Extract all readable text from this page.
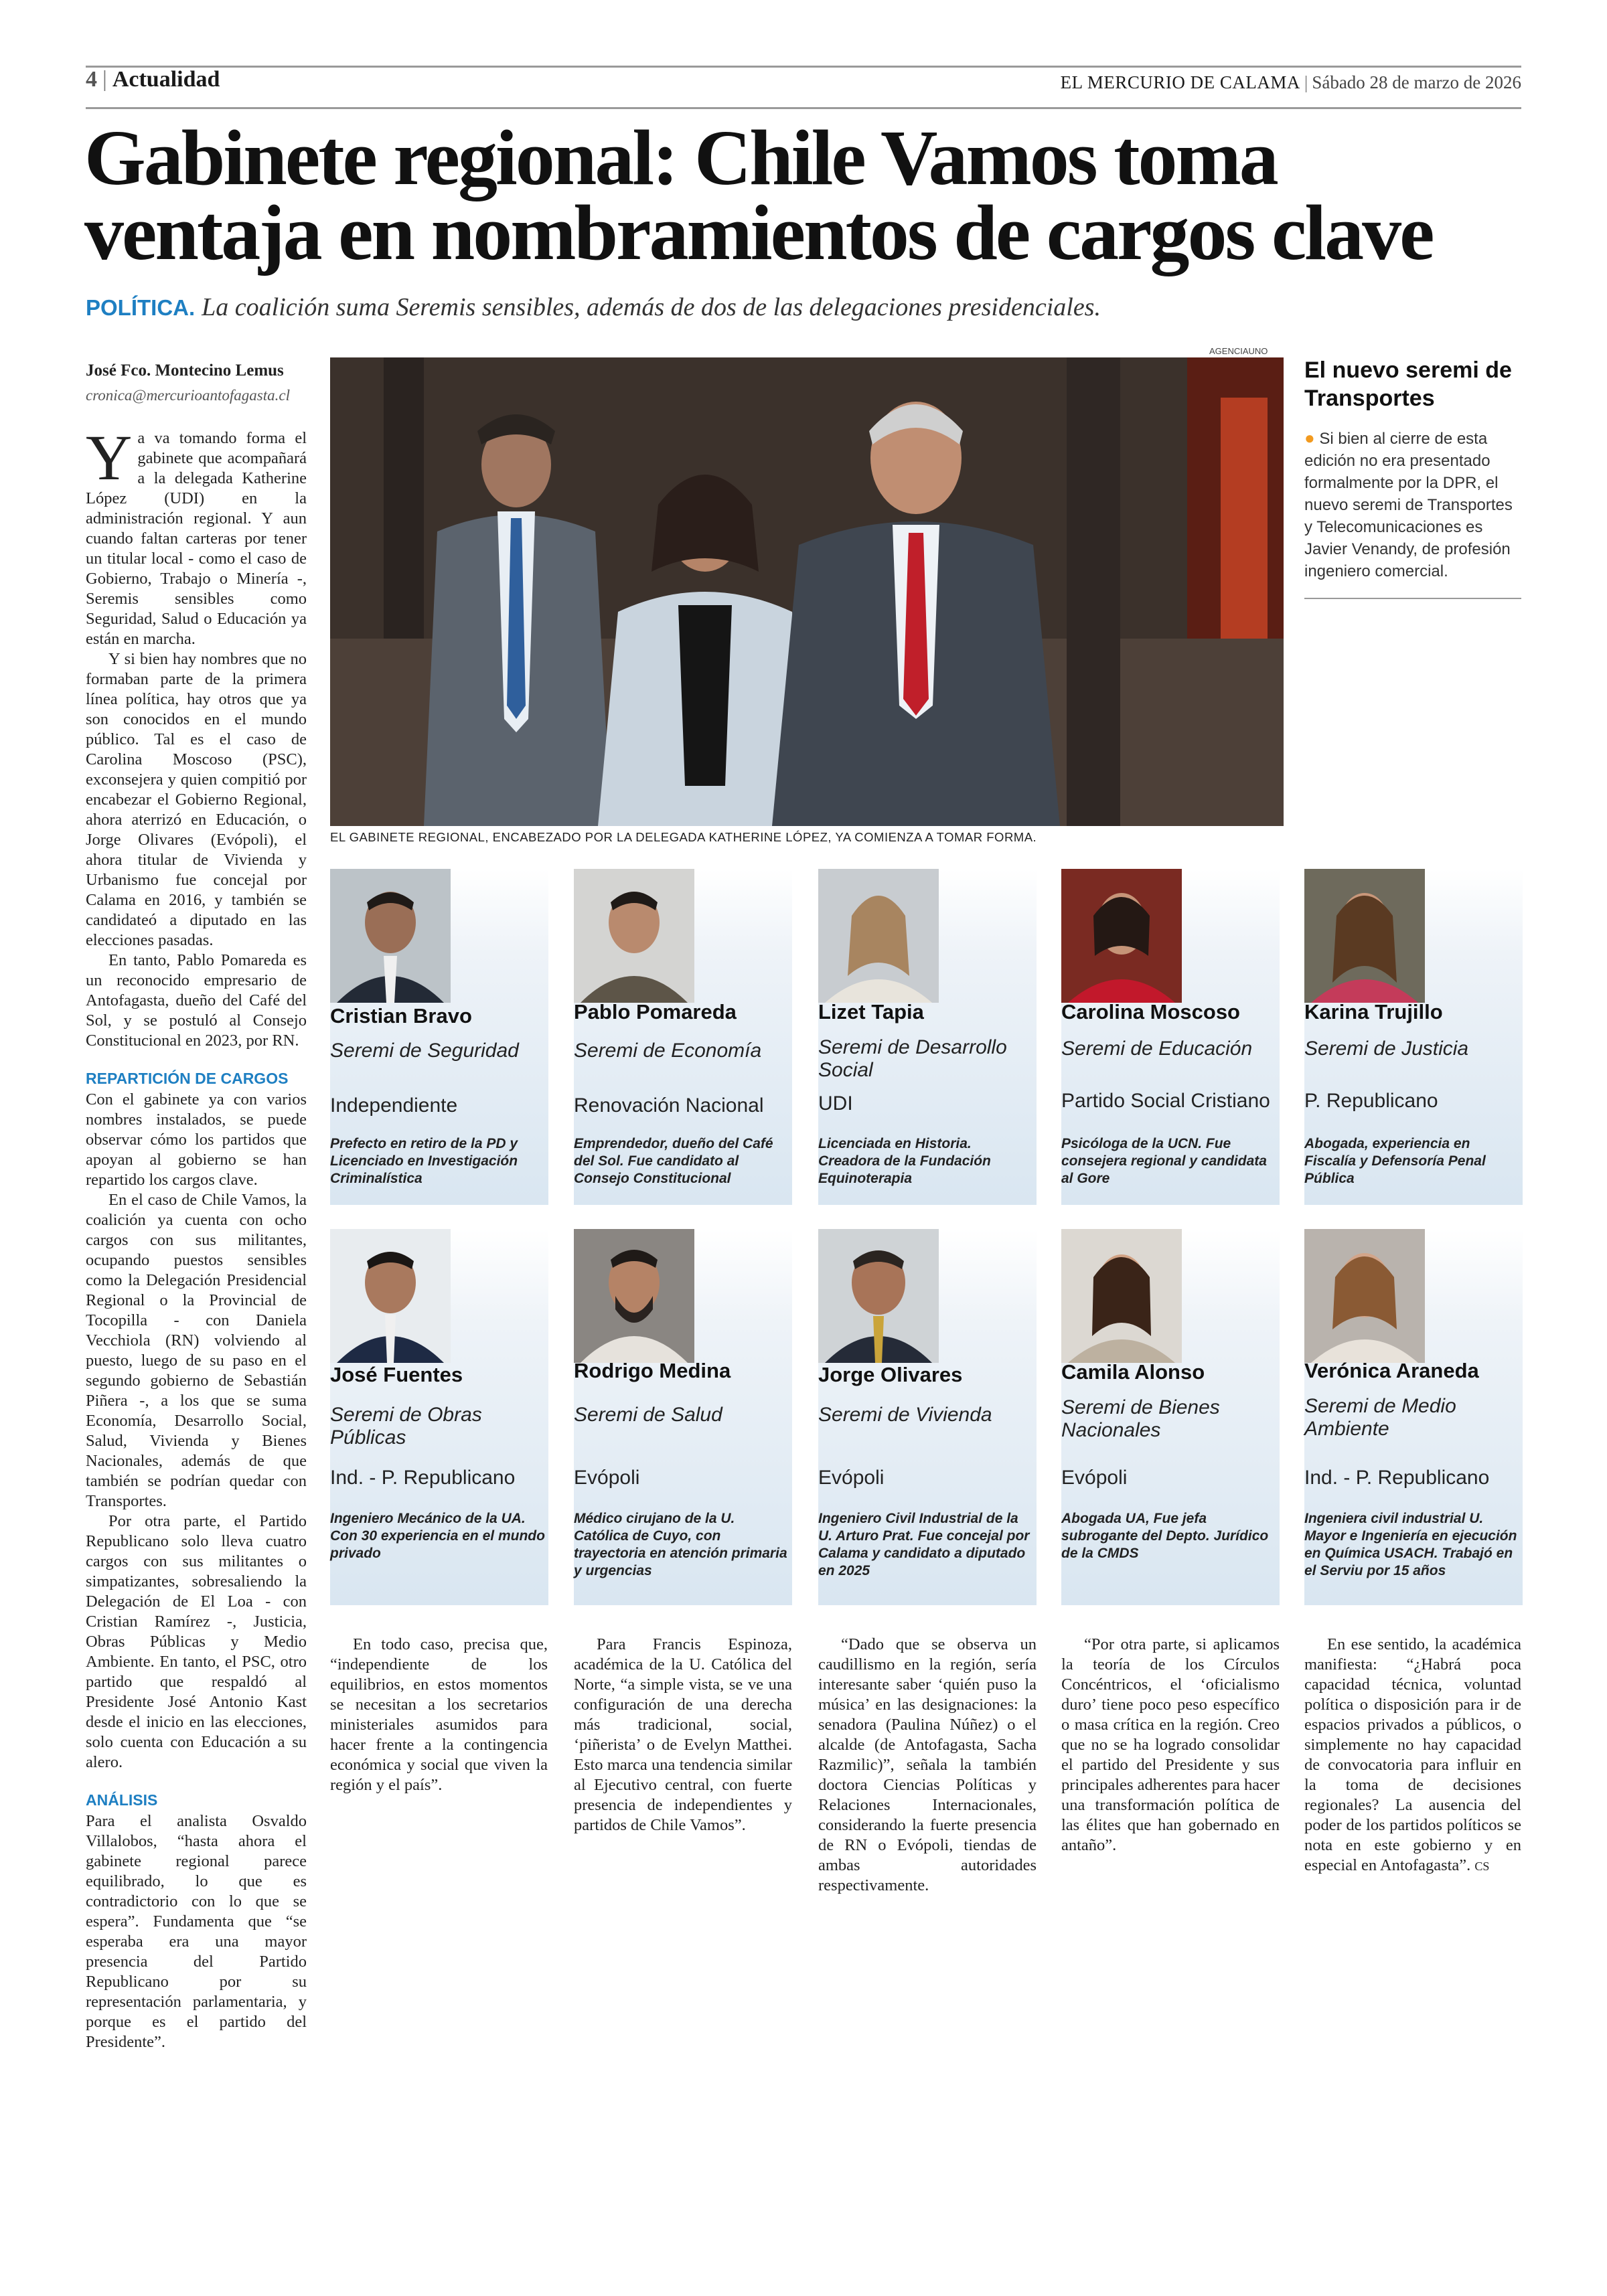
4 | Actualidad	EL MERCURIO DE CALAMA | Sábado 28 de marzo de 2026
Gabinete regional: Chile Vamos toma ventaja en nombramientos de cargos clave
POLÍTICA. La coalición suma Seremis sensibles, además de dos de las delegaciones presidenciales.
José Fco. Montecino Lemus
cronica@mercurioantofagasta.cl

Ya va tomando forma el gabinete que acompañará a la delegada Katherine López (UDI) en la administración regional. Y aun cuando faltan carteras por tener un titular local - como el caso de Gobierno, Trabajo o Minería -, Seremis sensibles como Seguridad, Salud o Educación ya están en marcha.

Y si bien hay nombres que no formaban parte de la primera línea política, hay otros que ya son conocidos en el mundo público. Tal es el caso de Carolina Moscoso (PSC), exconsejera y quien compitió por encabezar el Gobierno Regional, ahora aterrizó en Educación, o Jorge Olivares (Evópoli), el ahora titular de Vivienda y Urbanismo fue concejal por Calama en 2016, y también se candidateó a diputado en las elecciones pasadas.

En tanto, Pablo Pomareda es un reconocido empresario de Antofagasta, dueño del Café del Sol, y se postuló al Consejo Constitucional en 2023, por RN.

REPARTICIÓN DE CARGOS

Con el gabinete ya con varios nombres instalados, se puede observar cómo los partidos que apoyan al gobierno se han repartido los cargos clave.

En el caso de Chile Vamos, la coalición ya cuenta con ocho cargos con sus militantes, ocupando puestos sensibles como la Delegación Presidencial Regional o la Provincial de Tocopilla - con Daniela Vecchiola (RN) volviendo al puesto, luego de su paso en el segundo gobierno de Sebastián Piñera -, a los que se suma Economía, Desarrollo Social, Salud, Vivienda y Bienes Nacionales, además de que también se podrían quedar con Transportes.

Por otra parte, el Partido Republicano solo lleva cuatro cargos con sus militantes o simpatizantes, sobresaliendo la Delegación de El Loa - con Cristian Ramírez -, Justicia, Obras Públicas y Medio Ambiente. En tanto, el PSC, otro partido que respaldó al Presidente José Antonio Kast desde el inicio en las elecciones, solo cuenta con Educación a su alero.

ANÁLISIS

Para el analista Osvaldo Villalobos, “hasta ahora el gabinete regional parece equilibrado, lo que es contradictorio con lo que se espera”. Fundamenta que “se esperaba era una mayor presencia del Partido Republicano por su representación parlamentaria, y porque es el partido del Presidente”.

En todo caso, precisa que, “independiente de los equilibrios, en estos momentos se necesitan a los secretarios ministeriales asumidos para hacer frente a la contingencia económica y social que viven la región y el país”.

Para Francis Espinoza, académica de la U. Católica del Norte, “a simple vista, se ve una configuración de una derecha más tradicional, social, ‘piñerista’ o de Evelyn Matthei. Esto marca una tendencia similar al Ejecutivo central, con fuerte presencia de independientes y partidos de Chile Vamos”.

“Dado que se observa un caudillismo en la región, sería interesante saber ‘quién puso la música’ en las designaciones: la senadora (Paulina Núñez) o el alcalde (de Antofagasta, Sacha Razmilic)”, señala la también doctora Ciencias Políticas y Relaciones Internacionales, considerando la fuerte presencia de RN o Evópoli, tiendas de ambas autoridades respectivamente.

“Por otra parte, si aplicamos la teoría de los Círculos Concéntricos, el ‘oficialismo duro’ tiene poco peso específico o masa crítica en la región. Creo que no se ha logrado consolidar el partido del Presidente y sus principales adherentes para hacer una transformación política de las élites que han gobernado en antaño”.

En ese sentido, la académica manifiesta: “¿Habrá poca capacidad técnica, voluntad política o disposición para ir de espacios privados a públicos, o simplemente no hay capacidad de convocatoria para influir en la toma de decisiones regionales? La ausencia del poder de los partidos políticos se nota en este gobierno y en especial en Antofagasta”. CS

AGENCIAUNO
EL GABINETE REGIONAL, ENCABEZADO POR LA DELEGADA KATHERINE LÓPEZ, YA COMIENZA A TOMAR FORMA.
El nuevo seremi de Transportes
● Si bien al cierre de esta edición no era presentado formalmente por la DPR, el nuevo seremi de Transportes y Telecomunicaciones es Javier Venandy, de profesión ingeniero comercial.
Cristian Bravo
Seremi de Seguridad
Independiente
Prefecto en retiro de la PD y Licenciado en Investigación Criminalística
Pablo Pomareda
Seremi de Economía
Renovación Nacional
Emprendedor, dueño del Café del Sol. Fue candidato al Consejo Constitucional
Lizet Tapia
Seremi de Desarrollo Social
UDI
Licenciada en Historia. Creadora de la Fundación Equinoterapia
Carolina Moscoso
Seremi de Educación
Partido Social Cristiano
Psicóloga de la UCN. Fue consejera regional y candidata al Gore
Karina Trujillo
Seremi de Justicia
P. Republicano
Abogada, experiencia en Fiscalía y Defensoría Penal Pública
José Fuentes
Seremi de Obras Públicas
Ind. - P. Republicano
Ingeniero Mecánico de la UA. Con 30 experiencia en el mundo privado
Rodrigo Medina
Seremi de Salud
Evópoli
Médico cirujano de la U. Católica de Cuyo, con trayectoria en atención primaria y urgencias
Jorge Olivares
Seremi de Vivienda
Evópoli
Ingeniero Civil Industrial de la U. Arturo Prat. Fue concejal por Calama y candidato a diputado en 2025
Camila Alonso
Seremi de Bienes Nacionales
Evópoli
Abogada UA, Fue jefa subrogante del Depto. Jurídico de la CMDS
Verónica Araneda
Seremi de Medio Ambiente
Ind. - P. Republicano
Ingeniera civil industrial U. Mayor e Ingeniería en ejecución en Química USACH. Trabajó en el Serviu por 15 años
